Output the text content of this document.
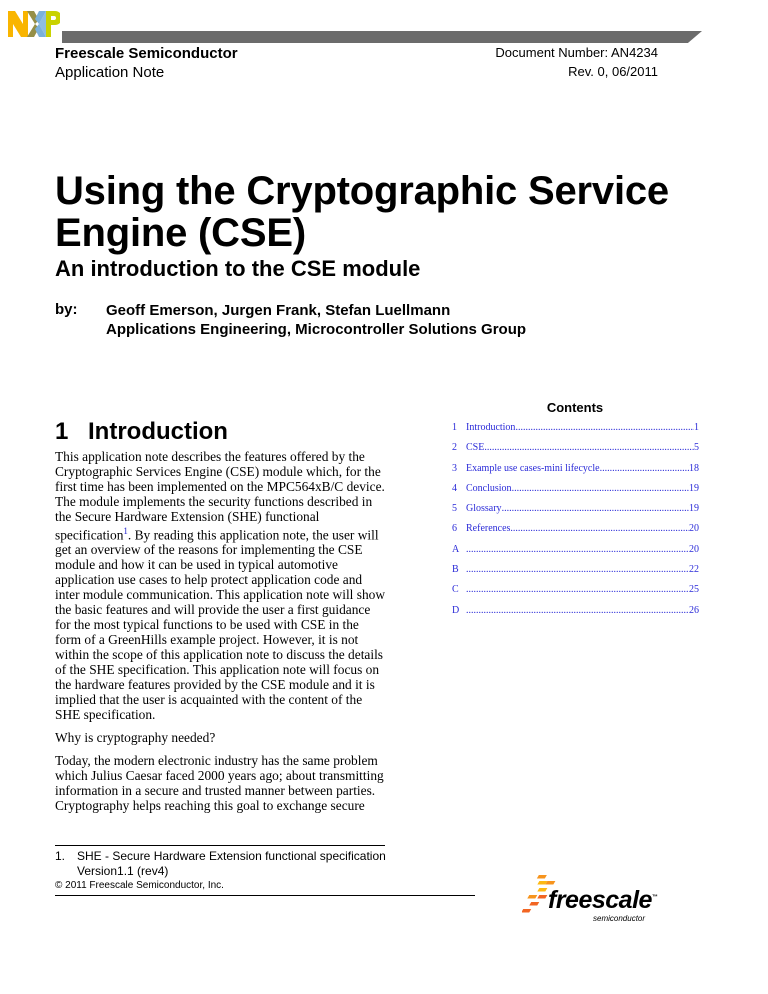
Freescale Semiconductor
Application Note
Document Number: AN4234
Rev. 0, 06/2011
Using the Cryptographic Service
Engine (CSE)
An introduction to the CSE module
by: Geoff Emerson, Jurgen Frank, Stefan Luellmann
Applications Engineering, Microcontroller Solutions Group
1 Introduction

This application note describes the features offered by the Cryptographic Services Engine (CSE) module which, for the first time has been implemented on the MPC564xB/C device. The module implements the security functions described in the Secure Hardware Extension (SHE) functional specification$^1$. By reading this application note, the user will get an overview of the reasons for implementing the CSE module and how it can be used in typical automotive application use cases to help protect application code and inter module communication. This application note will show the basic features and will provide the user a first guidance for the most typical functions to be used with CSE in the form of a GreenHills example project. However, it is not within the scope of this application note to discuss the details of the SHE specification. This application note will focus on the hardware features provided by the CSE module and it is implied that the user is acquainted with the content of the SHE specification.

Why is cryptography needed?

Today, the modern electronic industry has the same problem which Julius Caesar faced 2000 years ago; about transmitting information in a secure and trusted manner between parties. Cryptography helps reaching this goal to exchange secure

Contents
1 Introduction .....	1
2 CSE .....	5
3 Example use cases-mini lifecycle .....	18
4 Conclusion .....	19
5 Glossary .....	19
6 References .....	20
A .....	20
B .....	22
C .....	25
D .....	26
1. SHE - Secure Hardware Extension functional specification
Version1.1 (rev4)
© 2011 Freescale Semiconductor, Inc.
freescale™
semiconductor
